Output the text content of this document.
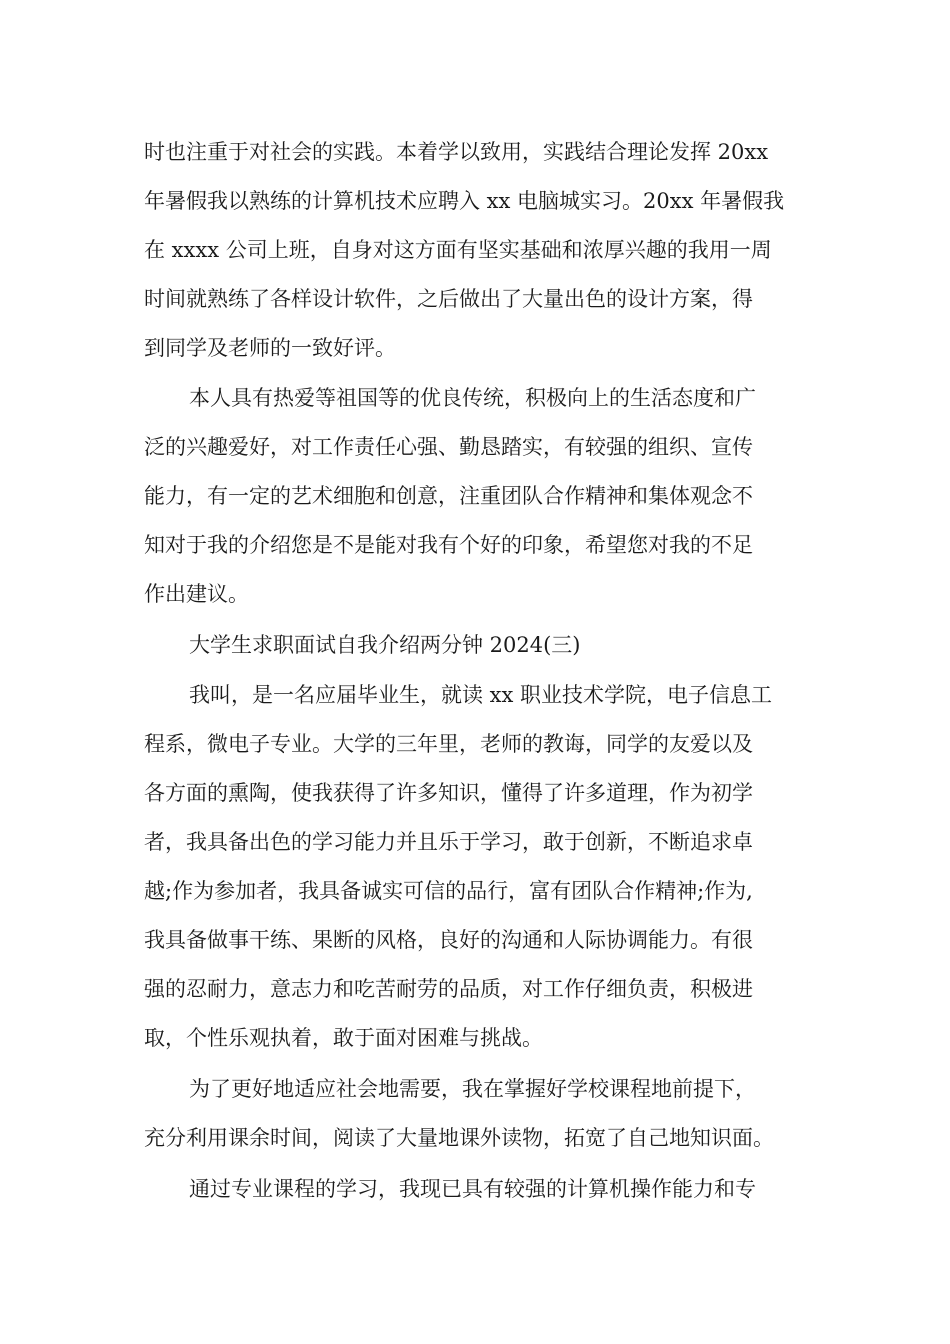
时也注重于对社会的实践。本着学以致用，实践结合理论发挥 20xx
年暑假我以熟练的计算机技术应聘入 xx 电脑城实习。20xx 年暑假我
在 xxxx 公司上班，自身对这方面有坚实基础和浓厚兴趣的我用一周
时间就熟练了各样设计软件，之后做出了大量出色的设计方案，得
到同学及老师的一致好评。
本人具有热爱等祖国等的优良传统，积极向上的生活态度和广
泛的兴趣爱好，对工作责任心强、勤恳踏实，有较强的组织、宣传
能力，有一定的艺术细胞和创意，注重团队合作精神和集体观念不
知对于我的介绍您是不是能对我有个好的印象，希望您对我的不足
作出建议。
大学生求职面试自我介绍两分钟 2024(三)
我叫，是一名应届毕业生，就读 xx 职业技术学院，电子信息工
程系，微电子专业。大学的三年里，老师的教诲，同学的友爱以及
各方面的熏陶，使我获得了许多知识，懂得了许多道理，作为初学
者，我具备出色的学习能力并且乐于学习，敢于创新，不断追求卓
越;作为参加者，我具备诚实可信的品行，富有团队合作精神;作为,
我具备做事干练、果断的风格，良好的沟通和人际协调能力。有很
强的忍耐力，意志力和吃苦耐劳的品质，对工作仔细负责，积极进
取，个性乐观执着，敢于面对困难与挑战。
为了更好地适应社会地需要，我在掌握好学校课程地前提下，
充分利用课余时间，阅读了大量地课外读物，拓宽了自己地知识面。
通过专业课程的学习，我现已具有较强的计算机操作能力和专
